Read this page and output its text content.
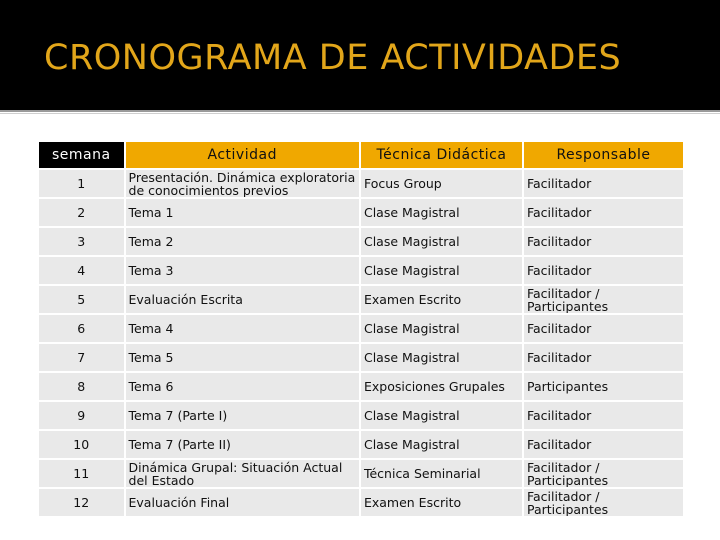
CRONOGRAMA DE ACTIVIDADES
semana	Actividad	Técnica Didáctica	Responsable
1	Presentación. Dinámica exploratoria de conocimientos previos	Focus Group	Facilitador
2	Tema 1	Clase Magistral	Facilitador
3	Tema 2	Clase Magistral	Facilitador
4	Tema 3	Clase Magistral	Facilitador
5	Evaluación Escrita	Examen Escrito	Facilitador / Participantes
6	Tema 4	Clase Magistral	Facilitador
7	Tema 5	Clase Magistral	Facilitador
8	Tema 6	Exposiciones Grupales	Participantes
9	Tema 7 (Parte I)	Clase Magistral	Facilitador
10	Tema 7 (Parte II)	Clase Magistral	Facilitador
11	Dinámica Grupal: Situación Actual del Estado	Técnica Seminarial	Facilitador / Participantes
12	Evaluación Final	Examen Escrito	Facilitador / Participantes
